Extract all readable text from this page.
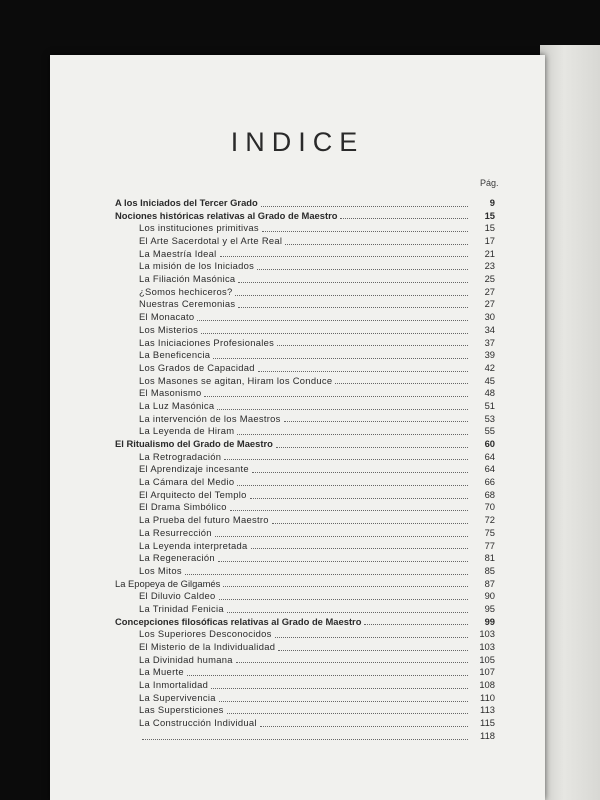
INDICE
Pág.
A los Iniciados del Tercer Grado	9
Nociones históricas relativas al Grado de Maestro	15
Los instituciones primitivas	15
El Arte Sacerdotal y el Arte Real	17
La Maestría Ideal	21
La misión de los Iniciados	23
La Filiación Masónica	25
¿Somos hechiceros?	27
Nuestras Ceremonias	27
El Monacato	30
Los Misterios	34
Las Iniciaciones Profesionales	37
La Beneficencia	39
Los Grados de Capacidad	42
Los Masones se agitan, Hiram los Conduce	45
El Masonismo	48
La Luz Masónica	51
La intervención de los Maestros	53
La Leyenda de Hiram	55
El Ritualismo del Grado de Maestro	60
La Retrogradación	64
El Aprendizaje incesante	64
La Cámara del Medio	66
El Arquitecto del Templo	68
El Drama Simbólico	70
La Prueba del futuro Maestro	72
La Resurrección	75
La Leyenda interpretada	77
La Regeneración	81
Los Mitos	85
La Epopeya de Gilgamés	87
El Diluvio Caldeo	90
La Trinidad Fenicia	95
Concepciones filosóficas relativas al Grado de Maestro	99
Los Superiores Desconocidos	103
El Misterio de la Individualidad	103
La Divinidad humana	105
La Muerte	107
La Inmortalidad	108
La Supervivencia	110
Las Supersticiones	113
La Construcción Individual	115
118
